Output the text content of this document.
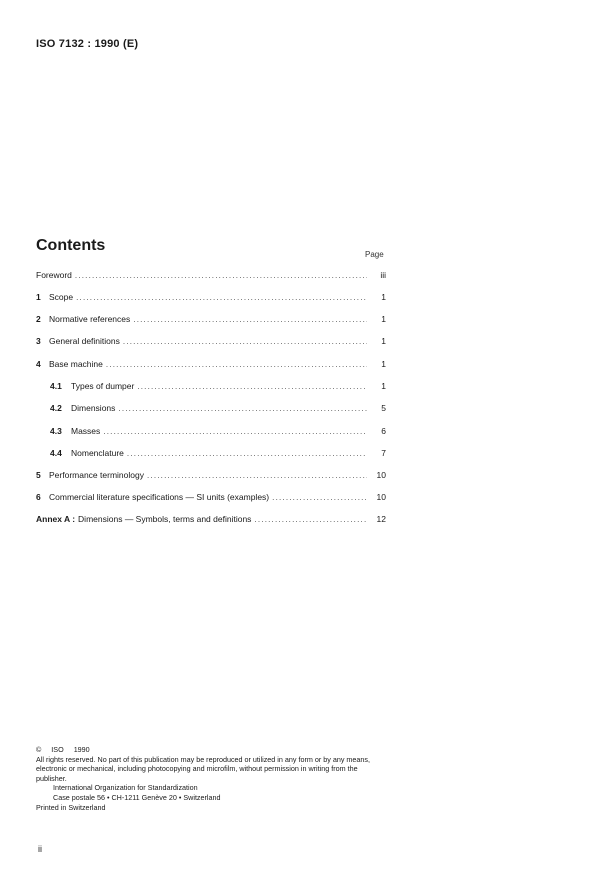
ISO 7132 : 1990 (E)
Contents
Page
Foreword .....	iii
1 Scope .....	1
2 Normative references .....	1
3 General definitions .....	1
4 Base machine .....	1
4.1	Types of dumper .....	1
4.2	Dimensions .....	5
4.3	Masses .....	6
4.4	Nomenclature .....	7
5 Performance terminology .....	10
6 Commercial literature specifications — SI units (examples) .....	10
Annex A : Dimensions — Symbols, terms and definitions .....	12

© ISO 1990

All rights reserved. No part of this publication may be reproduced or utilized in any form or by any means, electronic or mechanical, including photocopying and microfilm, without permission in writing from the publisher.

International Organization for Standardization

Case postale 56 • CH-1211 Genève 20 • Switzerland

Printed in Switzerland

ii
